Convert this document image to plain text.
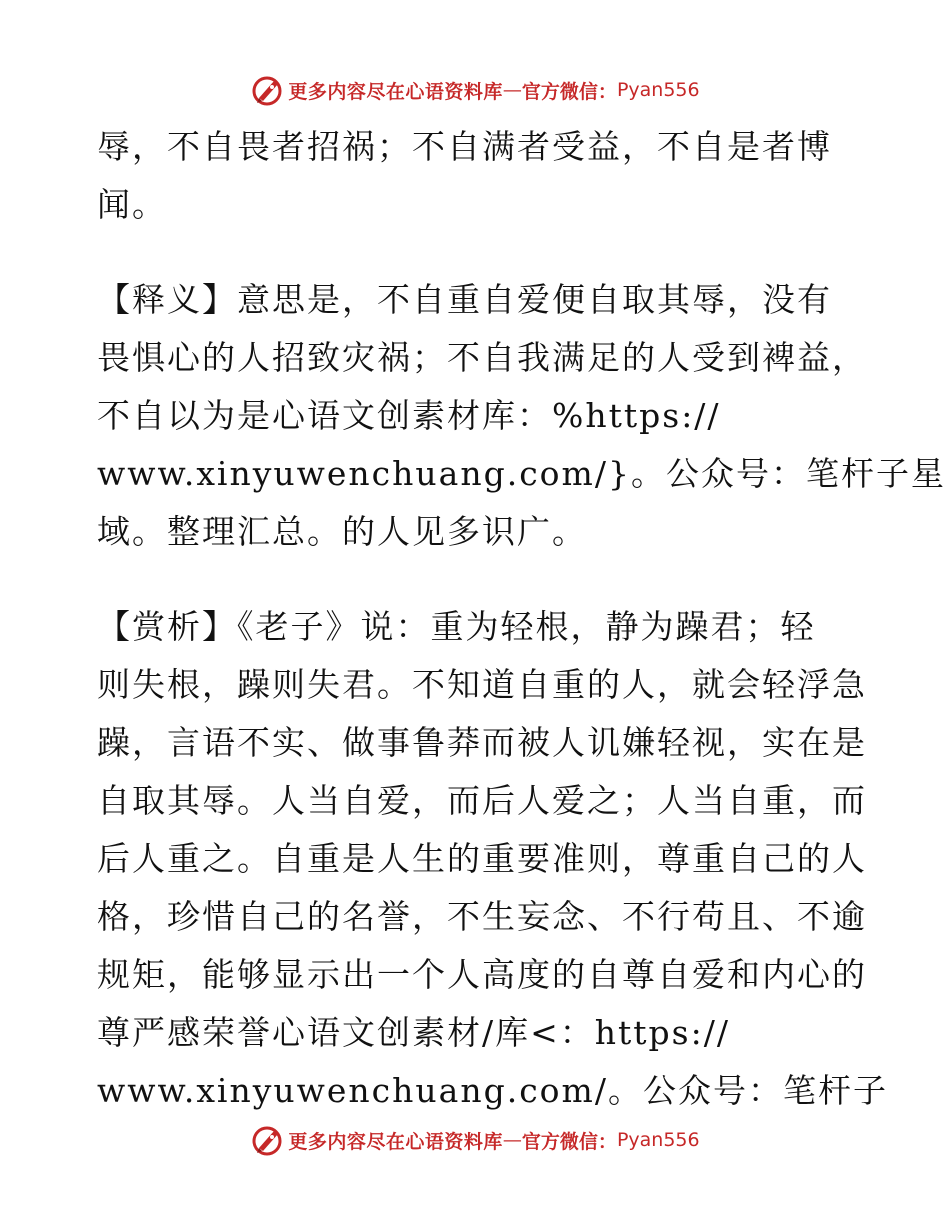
更多内容尽在心语资料库 — 官方微信： Pyan556
辱，不自畏者招祸；不自满者受益，不自是者博
闻。
【释义】意思是，不自重自爱便自取其辱，没有
畏惧心的人招致灾祸；不自我满足的人受到裨益，
不自以为是心语文创素材库：%https://
www.xinyuwenchuang.com/}。公众号：笔杆子星
域。整理汇总。的人见多识广。
【赏析】《老子》说：重为轻根，静为躁君；轻
则失根，躁则失君。不知道自重的人，就会轻浮急
躁，言语不实、做事鲁莽而被人讥嫌轻视，实在是
自取其辱。人当自爱，而后人爱之；人当自重，而
后人重之。自重是人生的重要准则，尊重自己的人
格，珍惜自己的名誉，不生妄念、不行苟且、不逾
规矩，能够显示出一个人高度的自尊自爱和内心的
尊严感荣誉心语文创素材/库<：https://
www.xinyuwenchuang.com/。公众号：笔杆子
更多内容尽在心语资料库 — 官方微信： Pyan556
